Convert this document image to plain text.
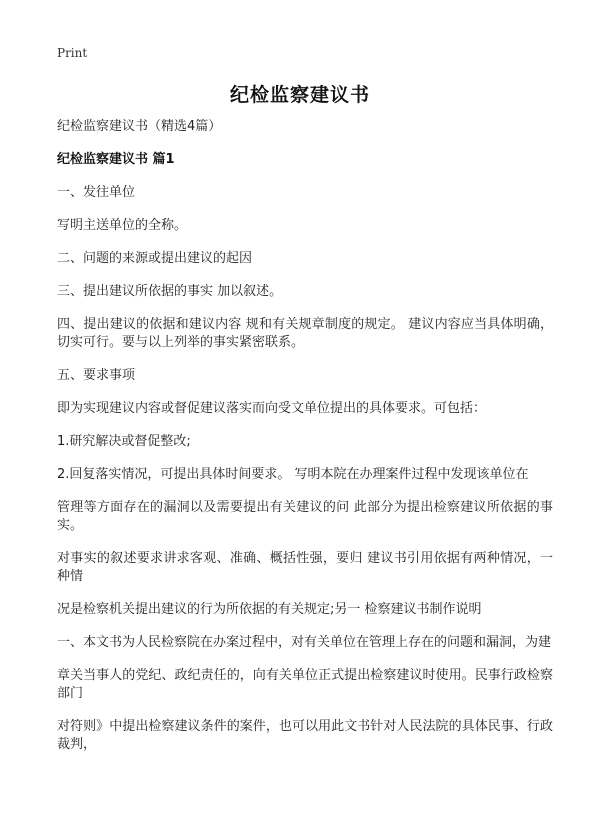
Print
纪检监察建议书

纪检监察建议书（精选4篇）

纪检监察建议书 篇1

一、发往单位

写明主送单位的全称。

二、问题的来源或提出建议的起因

三、提出建议所依据的事实 加以叙述。

四、提出建议的依据和建议内容 规和有关规章制度的规定。 建议内容应当具体明确，切实可行。要与以上列举的事实紧密联系。

五、要求事项

即为实现建议内容或督促建议落实而向受文单位提出的具体要求。可包括：

1.研究解决或督促整改;

2.回复落实情况，可提出具体时间要求。 写明本院在办理案件过程中发现该单位在

管理等方面存在的漏洞以及需要提出有关建议的问 此部分为提出检察建议所依据的事实。

对事实的叙述要求讲求客观、准确、概括性强，要归 建议书引用依据有两种情况，一种情

况是检察机关提出建议的行为所依据的有关规定;另一 检察建议书制作说明

一、本文书为人民检察院在办案过程中，对有关单位在管理上存在的问题和漏洞，为建

章关当事人的党纪、政纪责任的，向有关单位正式提出检察建议时使用。民事行政检察部门

对符则》中提出检察建议条件的案件，也可以用此文书针对人民法院的具体民事、行政裁判，
